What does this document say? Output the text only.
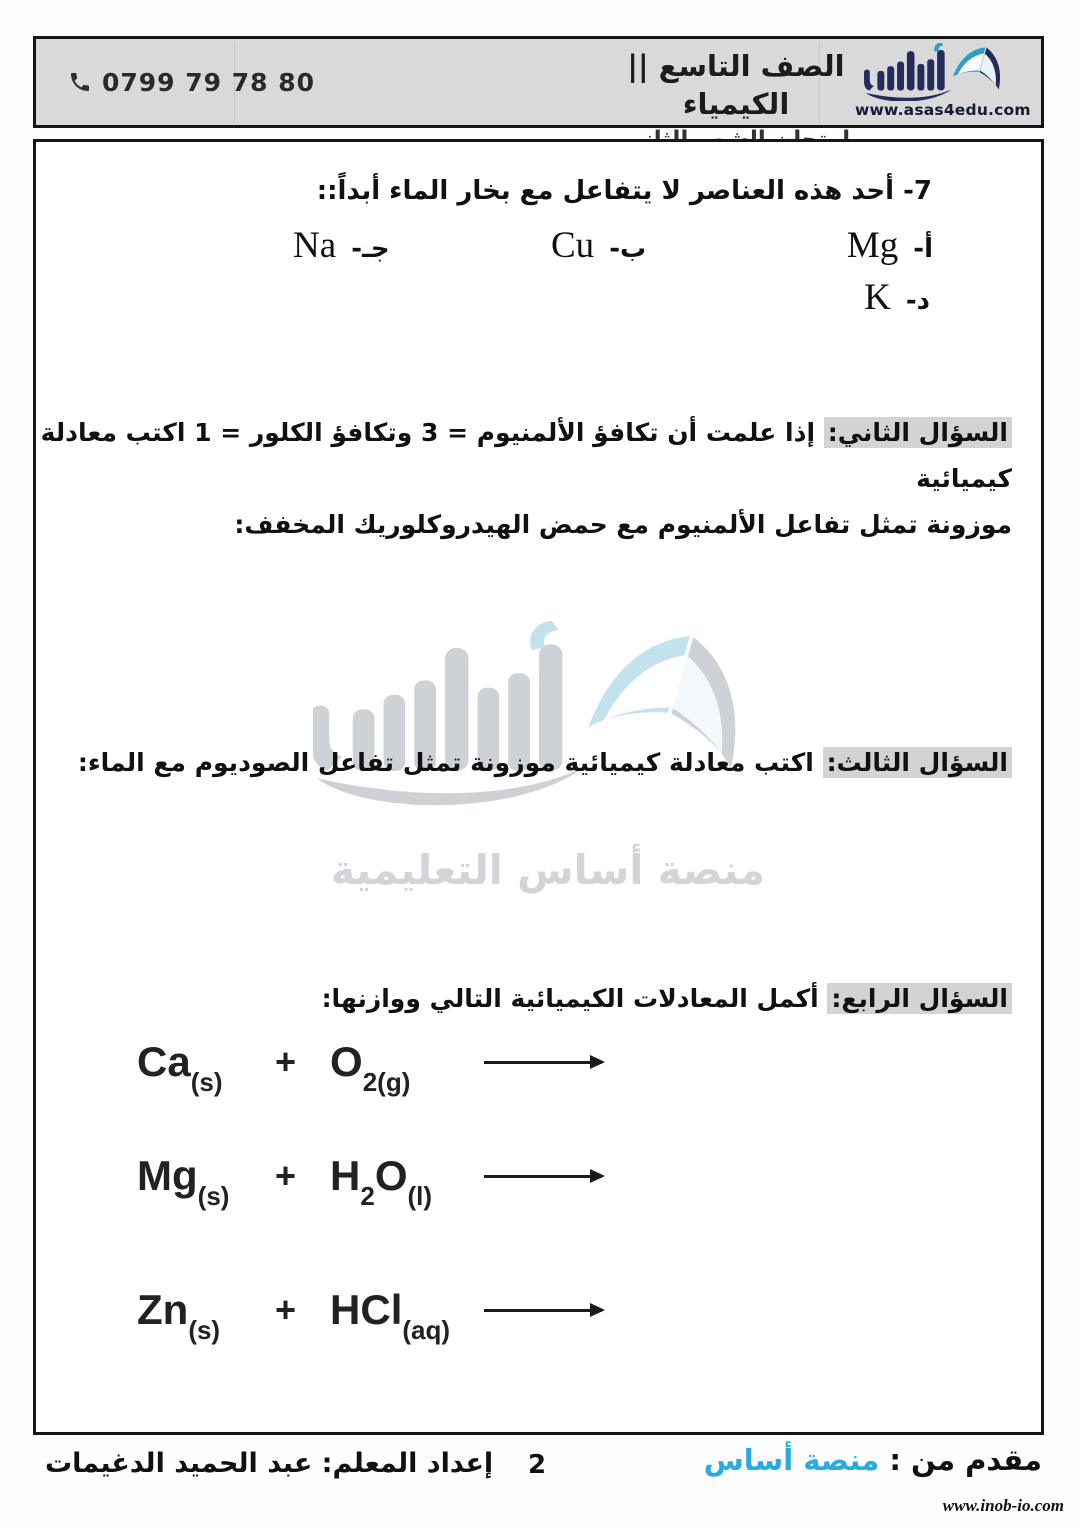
0799 79 78 80	الصف التاسع || الكيمياء	www.asas4edu.com
منصة أساس التعليمية
7- أحد هذه العناصر لا يتفاعل مع بخار الماء أبداً::
أ- Mg
ب- Cu
جـ- Na
د- K
السؤال الثاني: إذا علمت أن تكافؤ الألمنيوم = 3 وتكافؤ الكلور = 1 اكتب معادلة كيميائية
موزونة تمثل تفاعل الألمنيوم مع حمض الهيدروكلوريك المخفف:
السؤال الثالث: اكتب معادلة كيميائية موزونة تمثل تفاعل الصوديوم مع الماء:
السؤال الرابع: أكمل المعادلات الكيميائية التالي ووازنها:
$Ca_{(s)}$
+ $O_{2(g)}$
$Mg_{(s)}$
+ $H_2O_{(l)}$
$Zn_{(s)}$
+ HCl$_{(aq)}$
إعداد المعلم: عبد الحميد الدغيمات 2	مقدم من : منصة أساس
www.inob-io.com
